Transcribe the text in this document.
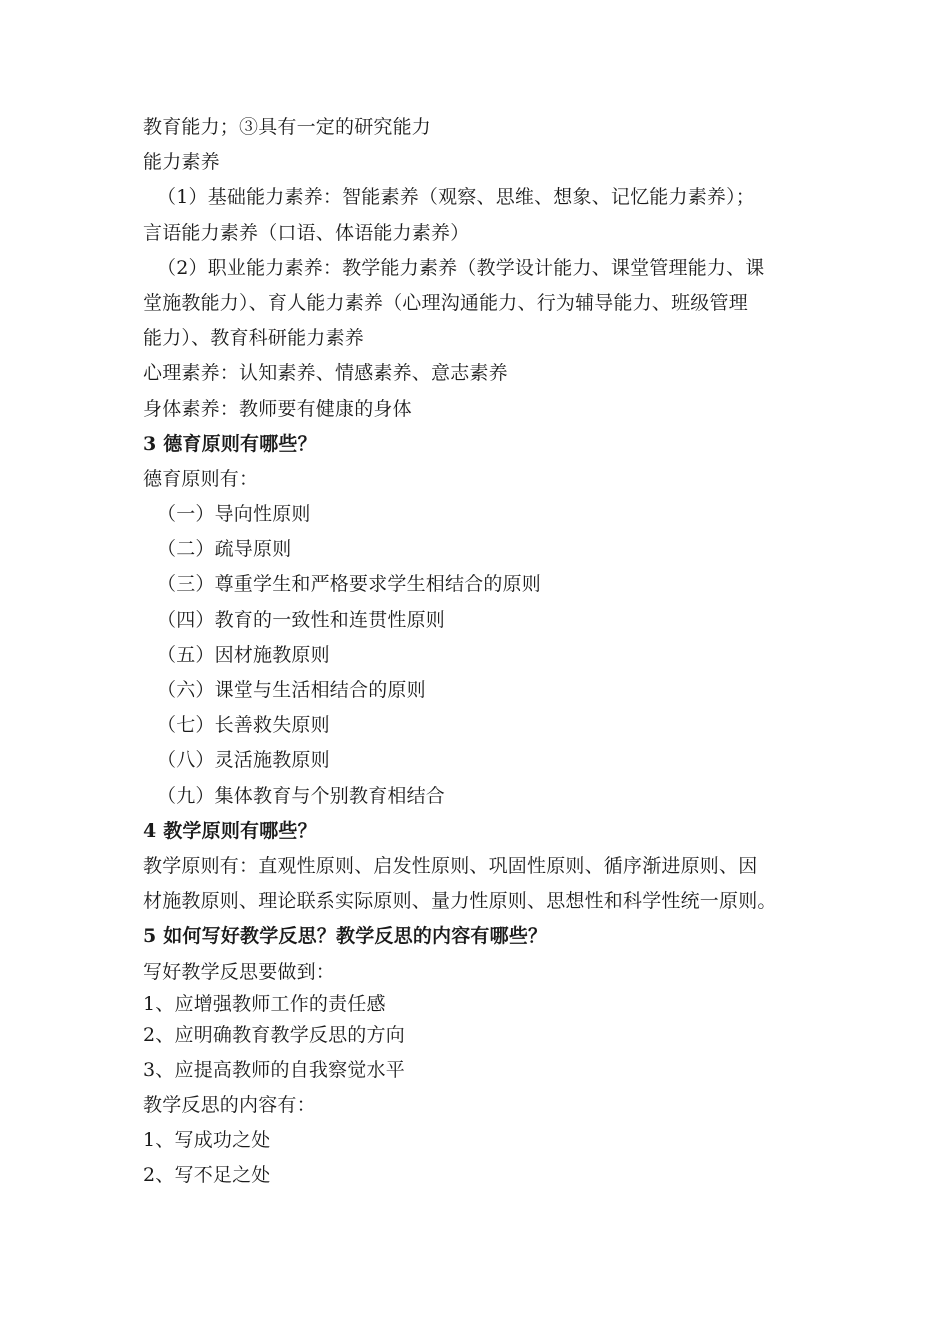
教育能力；③具有一定的研究能力
能力素养
（1）基础能力素养：智能素养（观察、思维、想象、记忆能力素养）；
言语能力素养（口语、体语能力素养）
（2）职业能力素养：教学能力素养（教学设计能力、课堂管理能力、课
堂施教能力）、育人能力素养（心理沟通能力、行为辅导能力、班级管理
能力）、教育科研能力素养
心理素养：认知素养、情感素养、意志素养
身体素养：教师要有健康的身体
3 德育原则有哪些？
德育原则有：
（一）导向性原则
（二）疏导原则
（三）尊重学生和严格要求学生相结合的原则
（四）教育的一致性和连贯性原则
（五）因材施教原则
（六）课堂与生活相结合的原则
（七）长善救失原则
（八）灵活施教原则
（九）集体教育与个别教育相结合
4 教学原则有哪些？
教学原则有：直观性原则、启发性原则、巩固性原则、循序渐进原则、因
材施教原则、理论联系实际原则、量力性原则、思想性和科学性统一原则。
5 如何写好教学反思？教学反思的内容有哪些？
写好教学反思要做到：
1、应增强教师工作的责任感
2、应明确教育教学反思的方向
3、应提高教师的自我察觉水平
教学反思的内容有：
1、写成功之处
2、写不足之处
